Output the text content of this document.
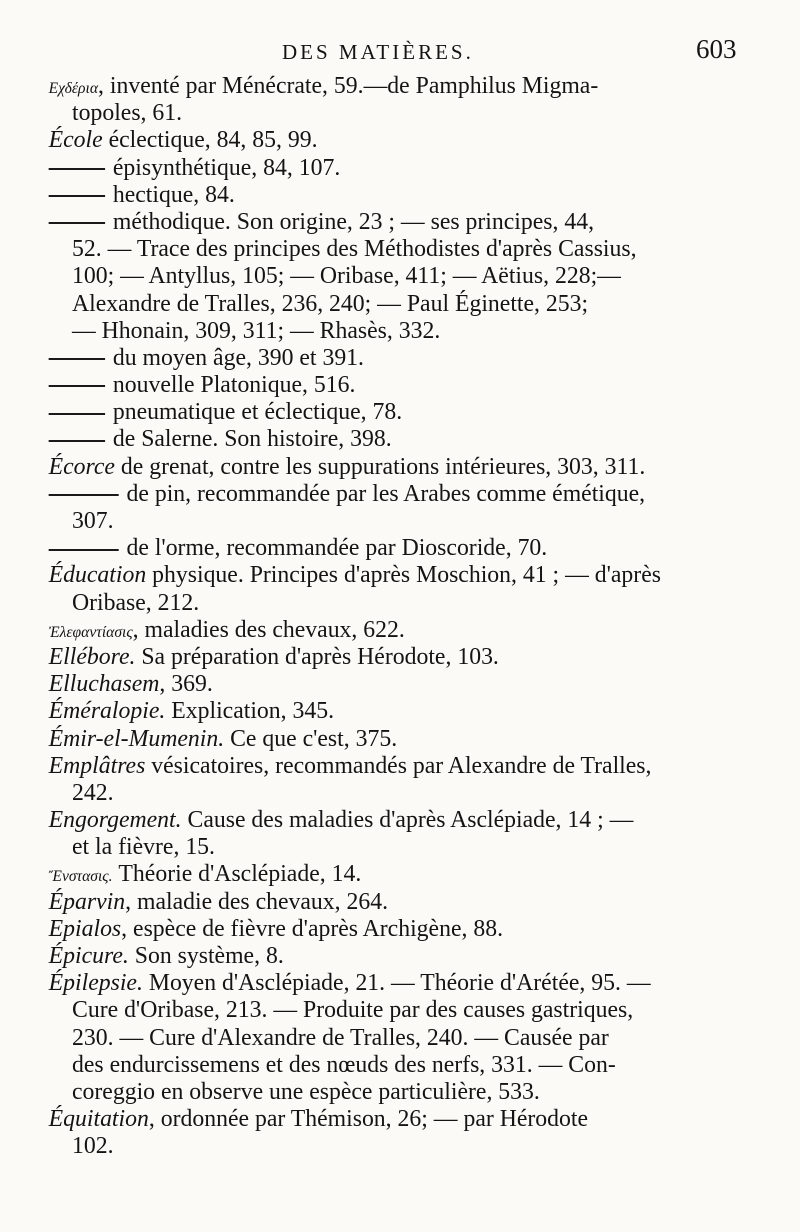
DES MATIÈRES.	603
Εχδέρια, inventé par Ménécrate, 59.—de Pamphilus Migma-
topoles, 61.
École éclectique, 84, 85, 99.
épisynthétique, 84, 107.
hectique, 84.
méthodique. Son origine, 23 ; — ses principes, 44,
52. — Trace des principes des Méthodistes d'après Cassius,
100; — Antyllus, 105; — Oribase, 411; — Aëtius, 228;—
Alexandre de Tralles, 236, 240; — Paul Éginette, 253;
— Hhonain, 309, 311; — Rhasès, 332.
du moyen âge, 390 et 391.
nouvelle Platonique, 516.
pneumatique et éclectique, 78.
de Salerne. Son histoire, 398.
Écorce de grenat, contre les suppurations intérieures, 303, 311.
de pin, recommandée par les Arabes comme émétique,
307.
de l'orme, recommandée par Dioscoride, 70.
Éducation physique. Principes d'après Moschion, 41 ; — d'après
Oribase, 212.
Ἐλεφαντίασις, maladies des chevaux, 622.
Ellébore. Sa préparation d'après Hérodote, 103.
Elluchasem, 369.
Éméralopie. Explication, 345.
Émir-el-Mumenin. Ce que c'est, 375.
Emplâtres vésicatoires, recommandés par Alexandre de Tralles,
242.
Engorgement. Cause des maladies d'après Asclépiade, 14 ; —
et la fièvre, 15.
Ἔνστασις. Théorie d'Asclépiade, 14.
Éparvin, maladie des chevaux, 264.
Epialos, espèce de fièvre d'après Archigène, 88.
Épicure. Son système, 8.
Épilepsie. Moyen d'Asclépiade, 21. — Théorie d'Arétée, 95. —
Cure d'Oribase, 213. — Produite par des causes gastriques,
230. — Cure d'Alexandre de Tralles, 240. — Causée par
des endurcissemens et des nœuds des nerfs, 331. — Con-
coreggio en observe une espèce particulière, 533.
Équitation, ordonnée par Thémison, 26; — par Hérodote
102.
